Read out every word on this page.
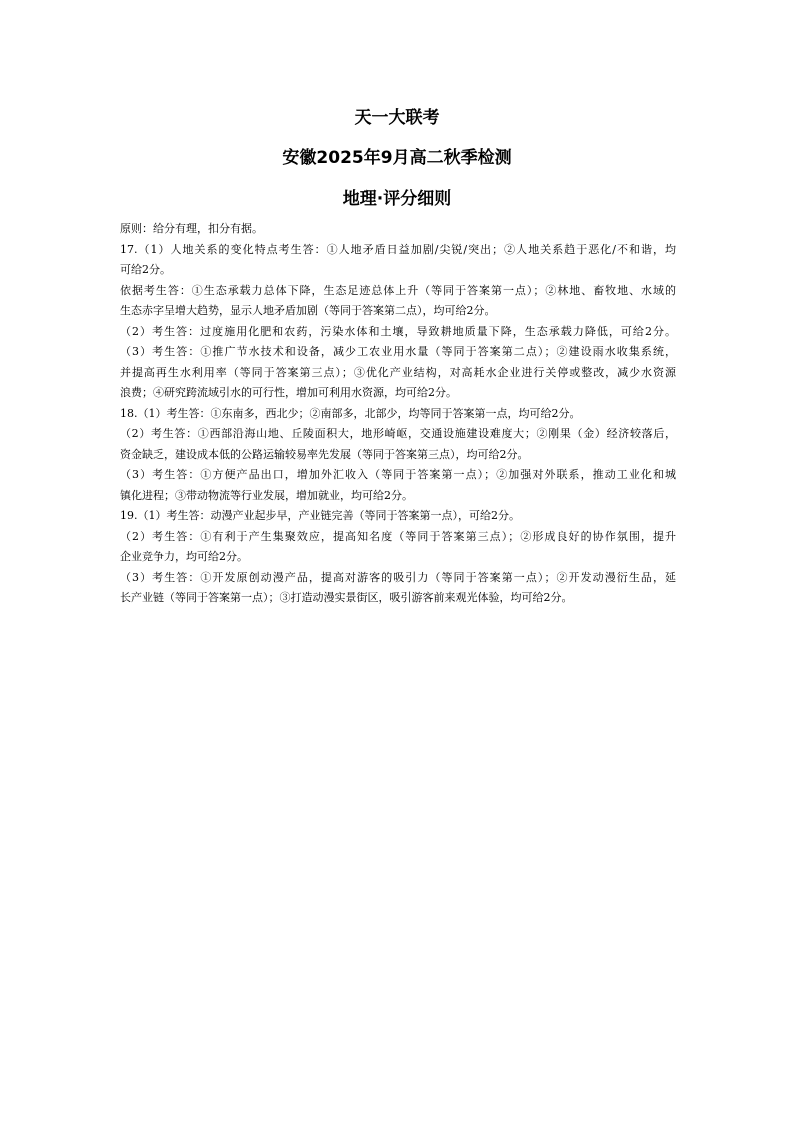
天一大联考
安徽2025年9月高二秋季检测
地理·评分细则
原则：给分有理，扣分有据。
17.（1）人地关系的变化特点考生答：①人地矛盾日益加剧/尖锐/突出；②人地关系趋于恶化/不和谐，均
可给2分。
依据考生答：①生态承载力总体下降，生态足迹总体上升（等同于答案第一点）；②林地、畜牧地、水域的
生态赤字呈增大趋势，显示人地矛盾加剧（等同于答案第二点），均可给2分。
（2）考生答：过度施用化肥和农药，污染水体和土壤，导致耕地质量下降，生态承载力降低，可给2分。
（3）考生答：①推广节水技术和设备，减少工农业用水量（等同于答案第二点）；②建设雨水收集系统，
并提高再生水利用率（等同于答案第三点）；③优化产业结构，对高耗水企业进行关停或整改，减少水资源
浪费；④研究跨流域引水的可行性，增加可利用水资源，均可给2分。
18.（1）考生答：①东南多，西北少；②南部多，北部少，均等同于答案第一点，均可给2分。
（2）考生答：①西部沿海山地、丘陵面积大，地形崎岖，交通设施建设难度大；②刚果（金）经济较落后，
资金缺乏，建设成本低的公路运输较易率先发展（等同于答案第三点），均可给2分。
（3）考生答：①方便产品出口，增加外汇收入（等同于答案第一点）；②加强对外联系，推动工业化和城
镇化进程；③带动物流等行业发展，增加就业，均可给2分。
19.（1）考生答：动漫产业起步早，产业链完善（等同于答案第一点），可给2分。
（2）考生答：①有利于产生集聚效应，提高知名度（等同于答案第三点）；②形成良好的协作氛围，提升
企业竞争力，均可给2分。
（3）考生答：①开发原创动漫产品，提高对游客的吸引力（等同于答案第一点）；②开发动漫衍生品，延
长产业链（等同于答案第一点）；③打造动漫实景街区，吸引游客前来观光体验，均可给2分。
